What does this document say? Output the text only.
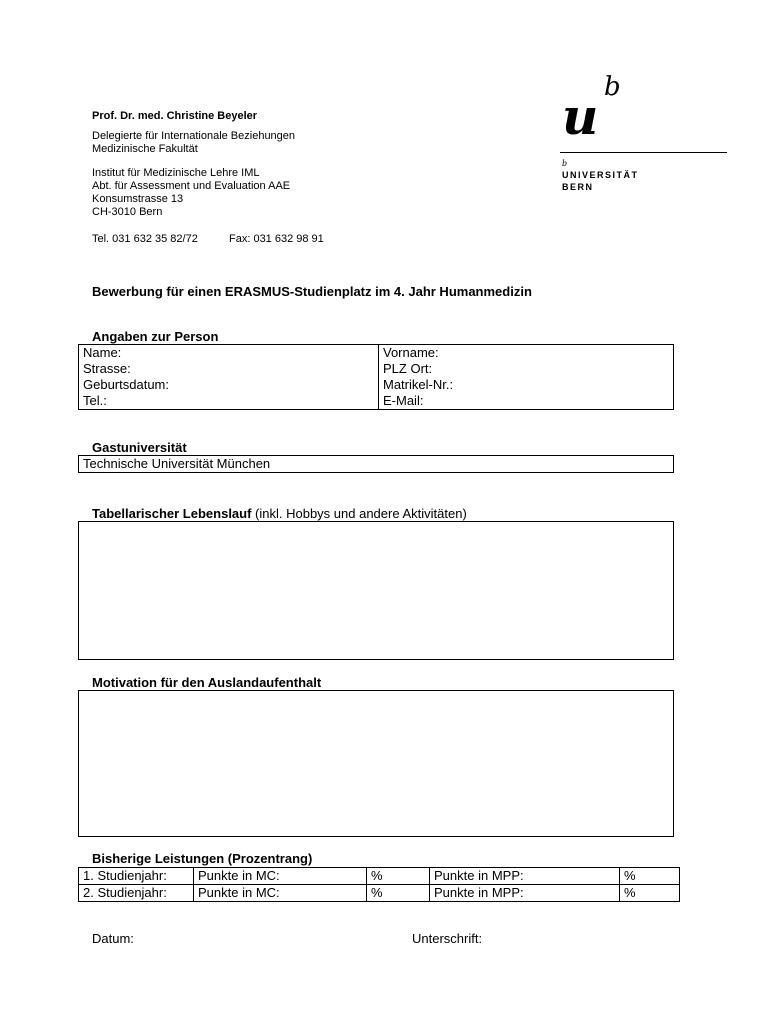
Prof. Dr. med. Christine Beyeler
Delegierte für Internationale Beziehungen
Medizinische Fakultät
Institut für Medizinische Lehre IML
Abt. für Assessment und Evaluation AAE
Konsumstrasse 13
CH-3010 Bern
Tel. 031 632 35 82/72	Fax: 031 632 98 91
u b
b
UNIVERSITÄT
BERN
Bewerbung für einen ERASMUS-Studienplatz im 4. Jahr Humanmedizin
Angaben zur Person
Name:	Vorname:
Strasse:	PLZ Ort:
Geburtsdatum:	Matrikel-Nr.:
Tel.:	E-Mail:
Gastuniversität
Technische Universität München
Tabellarischer Lebenslauf (inkl. Hobbys und andere Aktivitäten)
Motivation für den Auslandaufenthalt
Bisherige Leistungen (Prozentrang)
1. Studienjahr:	Punkte in MC:	%	Punkte in MPP:	%
2. Studienjahr:	Punkte in MC:	%	Punkte in MPP:	%
Datum:	Unterschrift:
